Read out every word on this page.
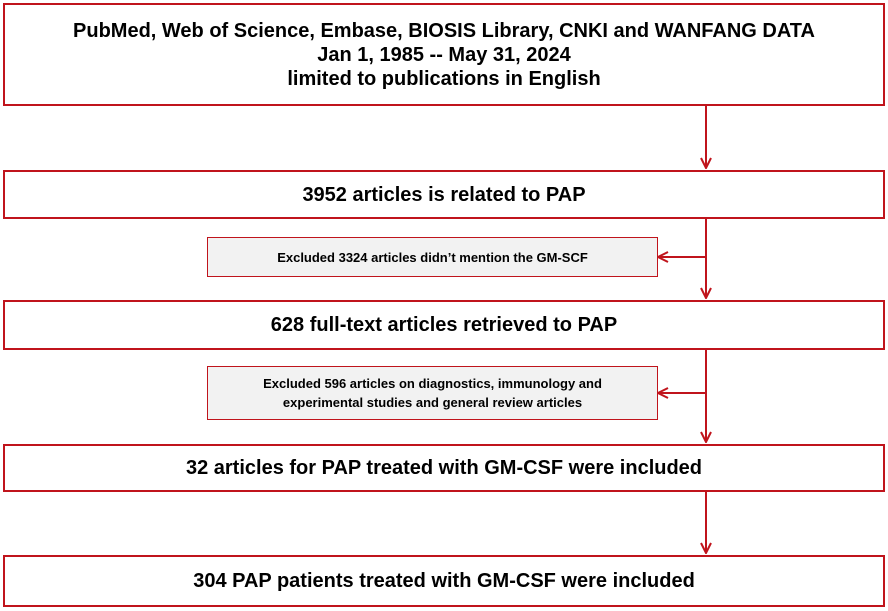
PubMed, Web of Science, Embase, BIOSIS Library, CNKI and WANFANG DATA
Jan 1, 1985 -- May 31, 2024
limited to publications in English
3952 articles is related to PAP
Excluded 3324 articles didn’t mention the GM-SCF
628 full-text articles retrieved to PAP
Excluded 596 articles on diagnostics, immunology and
experimental studies and general review articles
32 articles for PAP treated with GM-CSF were included
304 PAP patients treated with GM-CSF were included
